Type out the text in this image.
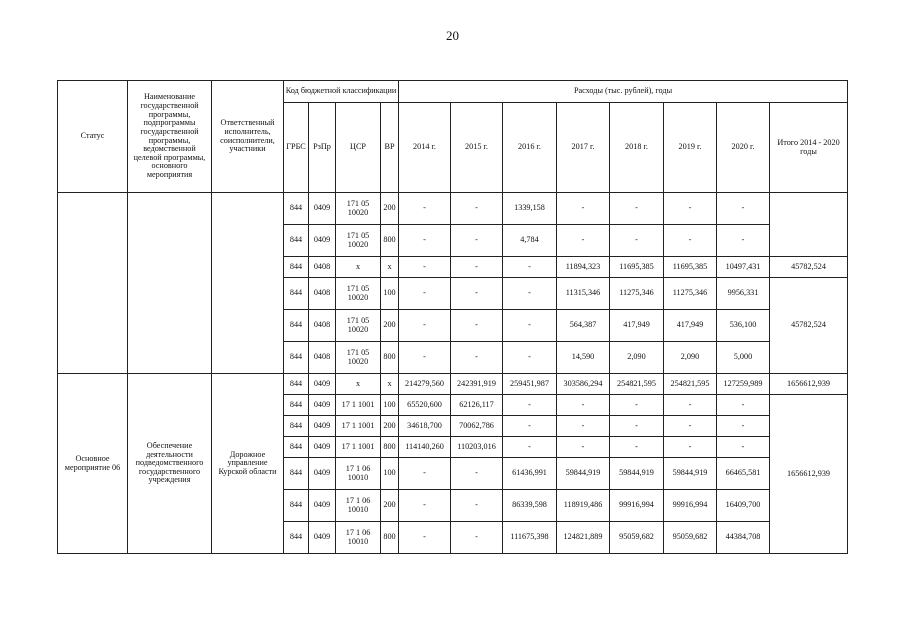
20
Статус	Наименование государственной программы, подпрограммы государственной программы, ведомственной целевой программы, основного мероприятия	Ответственный исполнитель, соисполнители, участники	Код бюджетной классификации				Расходы (тыс. рублей), годы							
			ГРБС	РзПр	ЦСР	ВР	2014 г.	2015 г.	2016 г.	2017 г.	2018 г.	2019 г.	2020 г.	Итого 2014 - 2020 годы
			844	0409	171 05 10020	200	-	-	1339,158	-	-	-	-	
			844	0409	171 05 10020	800	-	-	4,784	-	-	-	-	
			844	0408	х	х	-	-	-	11894,323	11695,385	11695,385	10497,431	45782,524
			844	0408	171 05 10020	100	-	-	-	11315,346	11275,346	11275,346	9956,331	45782,524
			844	0408	171 05 10020	200	-	-	-	564,387	417,949	417,949	536,100	
			844	0408	171 05 10020	800	-	-	-	14,590	2,090	2,090	5,000	
Основное мероприятие 06	Обеспечение деятельности подведомственного государственного учреждения	Дорожное управление Курской области	844	0409	х	х	214279,560	242391,919	259451,987	303586,294	254821,595	254821,595	127259,989	1656612,939
			844	0409	17 1 1001	100	65520,600	62126,117	-	-	-	-	-	1656612,939
			844	0409	17 1 1001	200	34618,700	70062,786	-	-	-	-	-	
			844	0409	17 1 1001	800	114140,260	110203,016	-	-	-	-	-	
			844	0409	17 1 06 10010	100	-	-	61436,991	59844,919	59844,919	59844,919	66465,581	
			844	0409	17 1 06 10010	200	-	-	86339,598	118919,486	99916,994	99916,994	16409,700	
			844	0409	17 1 06 10010	800	-	-	111675,398	124821,889	95059,682	95059,682	44384,708	
